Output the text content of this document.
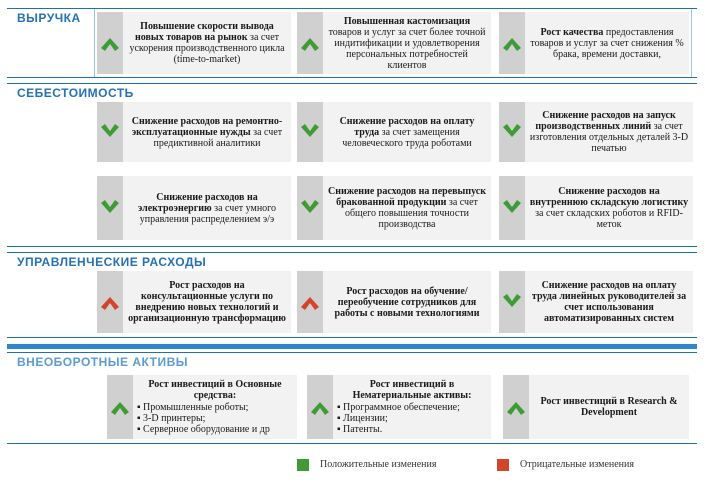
ВЫРУЧКА
Повышение скорости вывода новых товаров на рынок за счет ускорения производственного цикла (time-to-market)
Повышенная кастомизация товаров и услуг за счет более точной индитификации и удовлетворения персональных потребностей клиентов
Рост качества предоставления товаров и услуг за счет снижения % брака, времени доставки,
СЕБЕСТОИМОСТЬ
Снижение расходов на ремонтно-эксплуатационные нужды за счет предиктивной аналитики
Снижение расходов на оплату труда за счет замещения человеческого труда роботами
Снижение расходов на запуск производственных линий за счет изготовления отдельных деталей 3-D печатью
Снижение расходов на электроэнергию за счет умного управления распределением э/э
Снижение расходов на перевыпуск бракованной продукции за счет общего повышения точности производства
Снижение расходов на внутреннюю складскую логистику за счет складских роботов и RFID-меток
УПРАВЛЕНЧЕСКИЕ РАСХОДЫ
Рост расходов на консультационные услуги по внедрению новых технологий и организационную трансформацию
Рост расходов на обучение/переобучение сотрудников для работы с новыми технологиями
Снижение расходов на оплату труда линейных руководителей за счет использования автоматизированных систем
ВНЕОБОРОТНЫЕ АКТИВЫ
Рост инвестиций в Основные средства:
▪ Промышленные роботы;
▪ 3-D принтеры;
▪ Серверное оборудование и др
Рост инвестиций в Нематериальные активы:
▪ Программное обеспечение;
▪ Лицензии;
▪ Патенты.
Рост инвестиций в Research & Development
Положительные изменения	Отрицательные изменения
